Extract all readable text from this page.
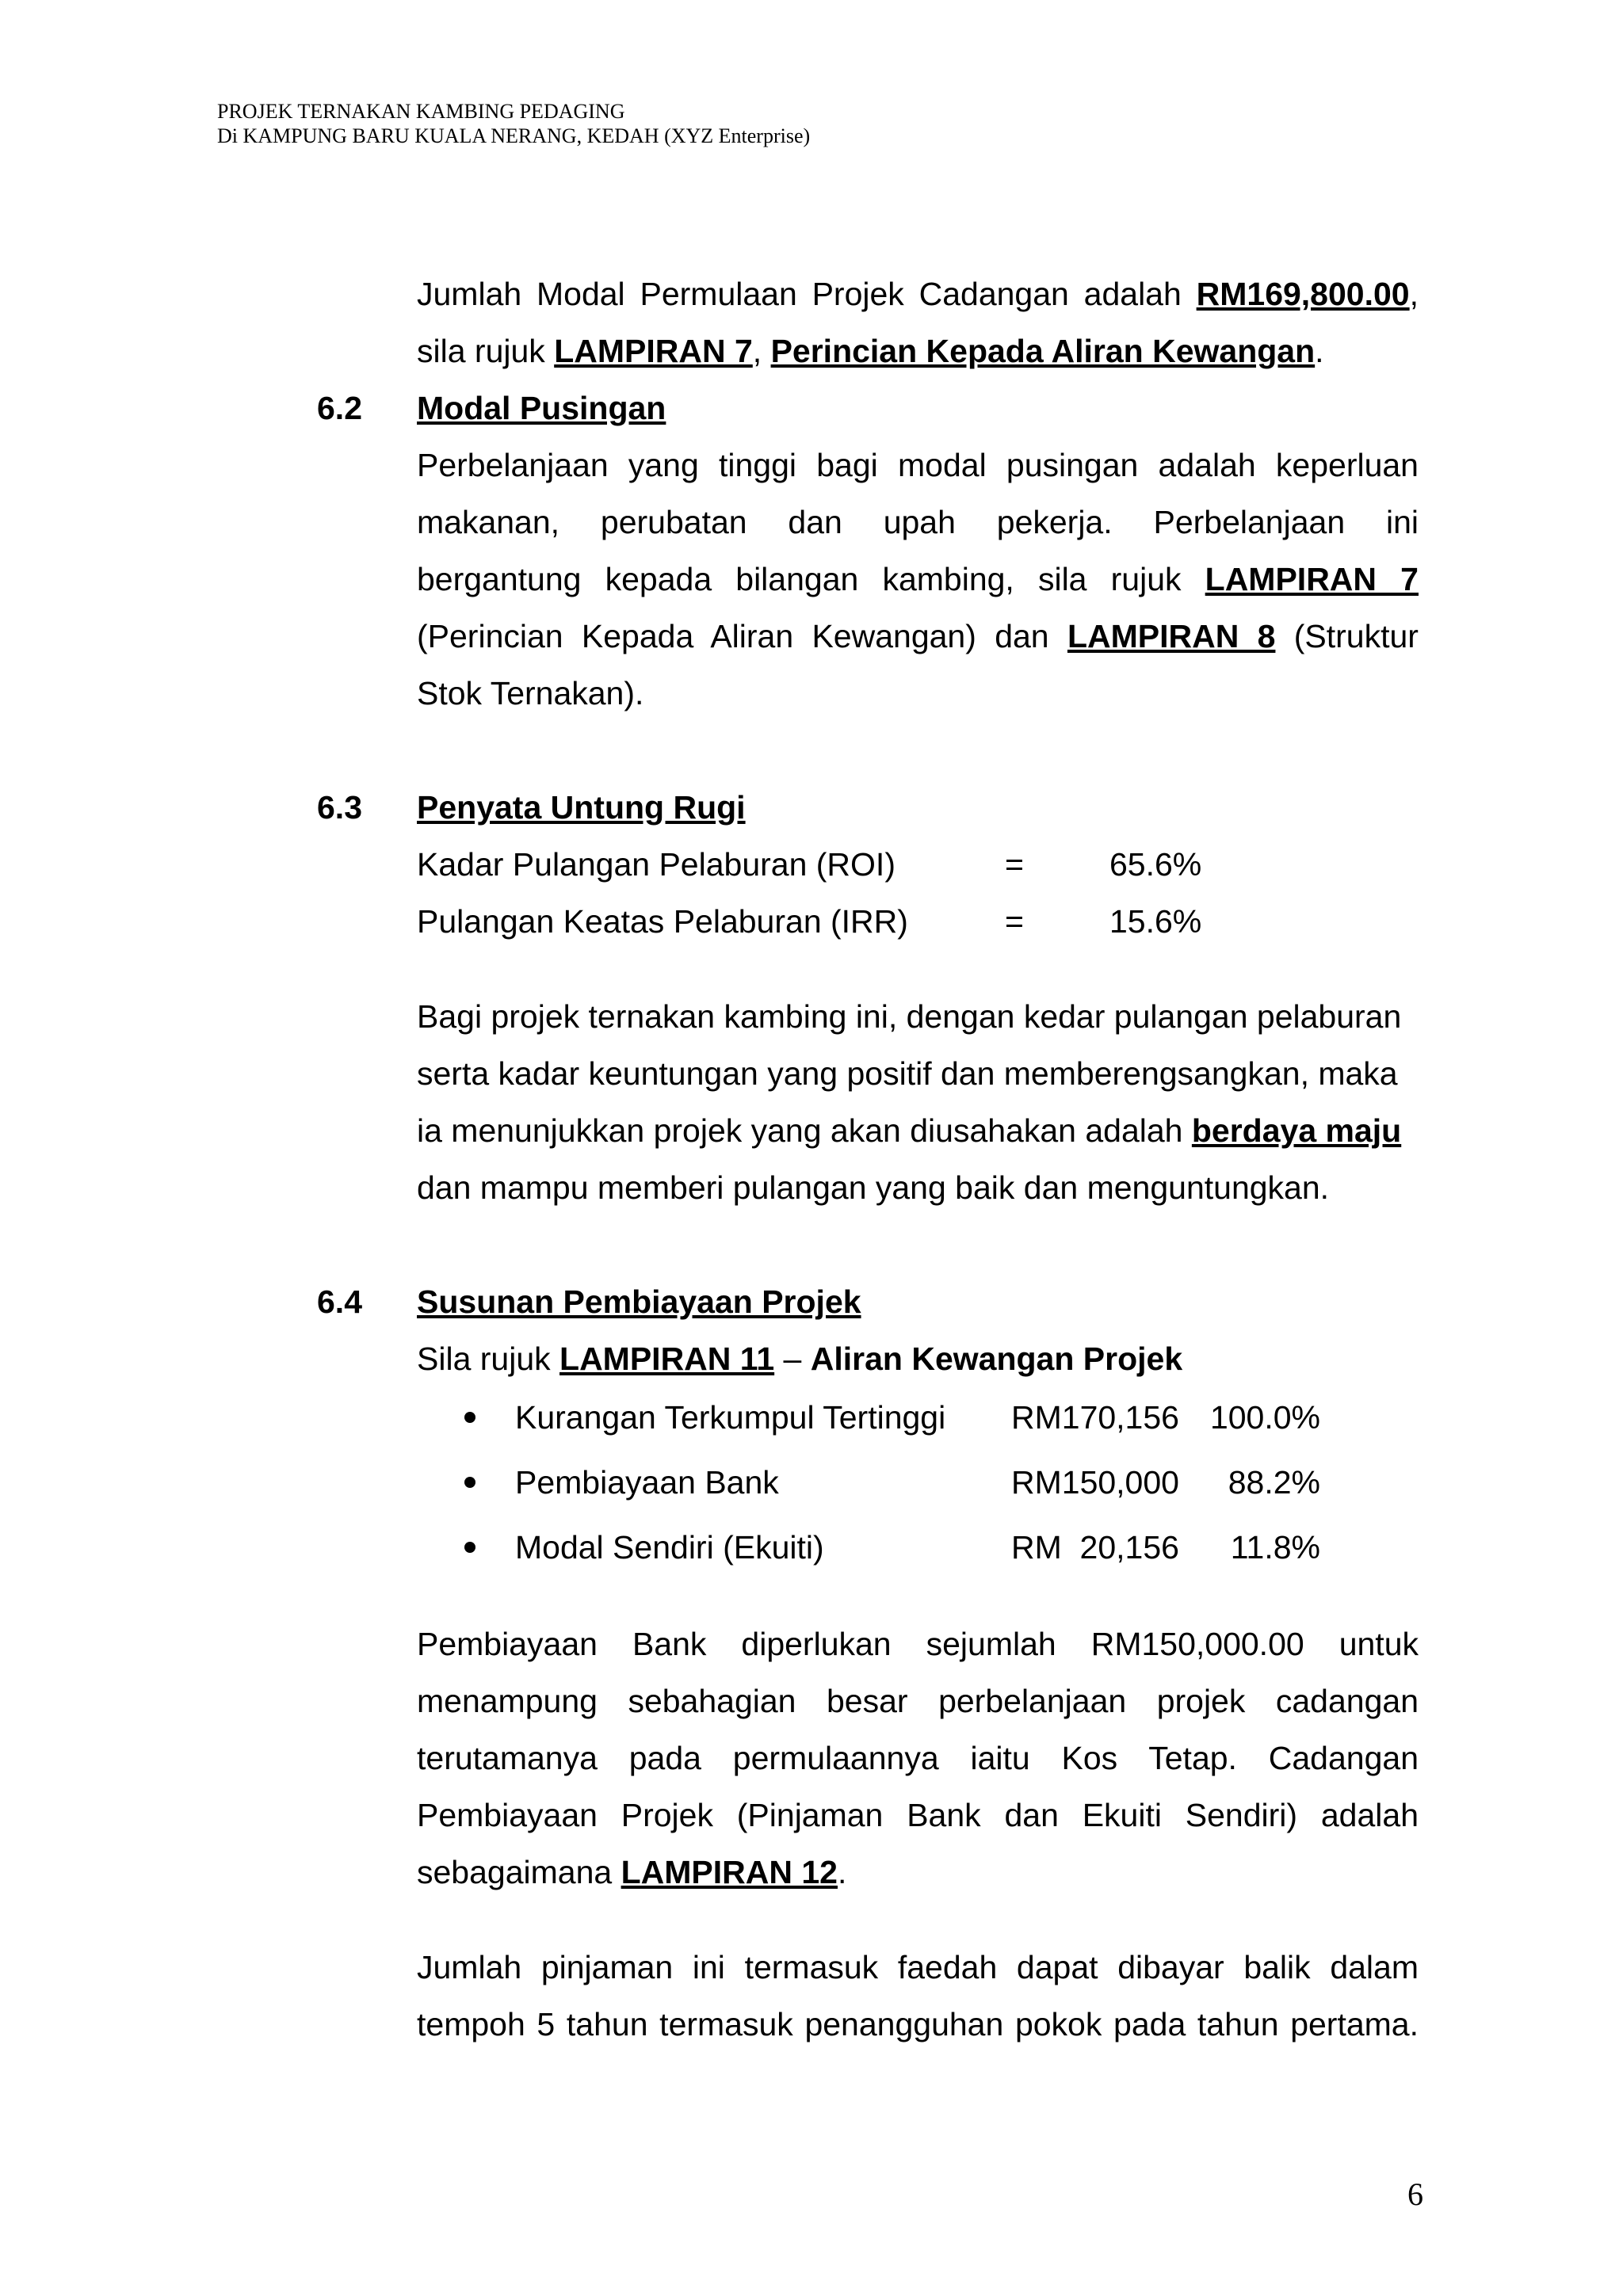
PROJEK TERNAKAN KAMBING PEDAGING
Di KAMPUNG BARU KUALA NERANG, KEDAH (XYZ Enterprise)
Jumlah Modal Permulaan Projek Cadangan adalah RM169,800.00,
sila rujuk LAMPIRAN 7, Perincian Kepada Aliran Kewangan.
6.2 Modal Pusingan
Perbelanjaan yang tinggi bagi modal pusingan adalah keperluan
makanan, perubatan dan upah pekerja. Perbelanjaan ini
bergantung kepada bilangan kambing, sila rujuk LAMPIRAN 7
(Perincian Kepada Aliran Kewangan) dan LAMPIRAN 8 (Struktur
Stok Ternakan).
6.3 Penyata Untung Rugi
Kadar Pulangan Pelaburan (ROI)	=	65.6%
Pulangan Keatas Pelaburan (IRR)	=	15.6%
Bagi projek ternakan kambing ini, dengan kedar pulangan pelaburan
serta kadar keuntungan yang positif dan memberengsangkan, maka
ia menunjukkan projek yang akan diusahakan adalah berdaya maju
dan mampu memberi pulangan yang baik dan menguntungkan.
6.4 Susunan Pembiayaan Projek
Sila rujuk LAMPIRAN 11 – Aliran Kewangan Projek
Kurangan Terkumpul Tertinggi RM170,156 100.0%
Pembiayaan Bank	RM150,000	88.2%
Modal Sendiri (Ekuiti)	RM  20,156	11.8%
Pembiayaan Bank diperlukan sejumlah RM150,000.00 untuk
menampung sebahagian besar perbelanjaan projek cadangan
terutamanya pada permulaannya iaitu Kos Tetap. Cadangan
Pembiayaan Projek (Pinjaman Bank dan Ekuiti Sendiri) adalah
sebagaimana LAMPIRAN 12.
Jumlah pinjaman ini termasuk faedah dapat dibayar balik dalam
tempoh 5 tahun termasuk penangguhan pokok pada tahun pertama.
6
